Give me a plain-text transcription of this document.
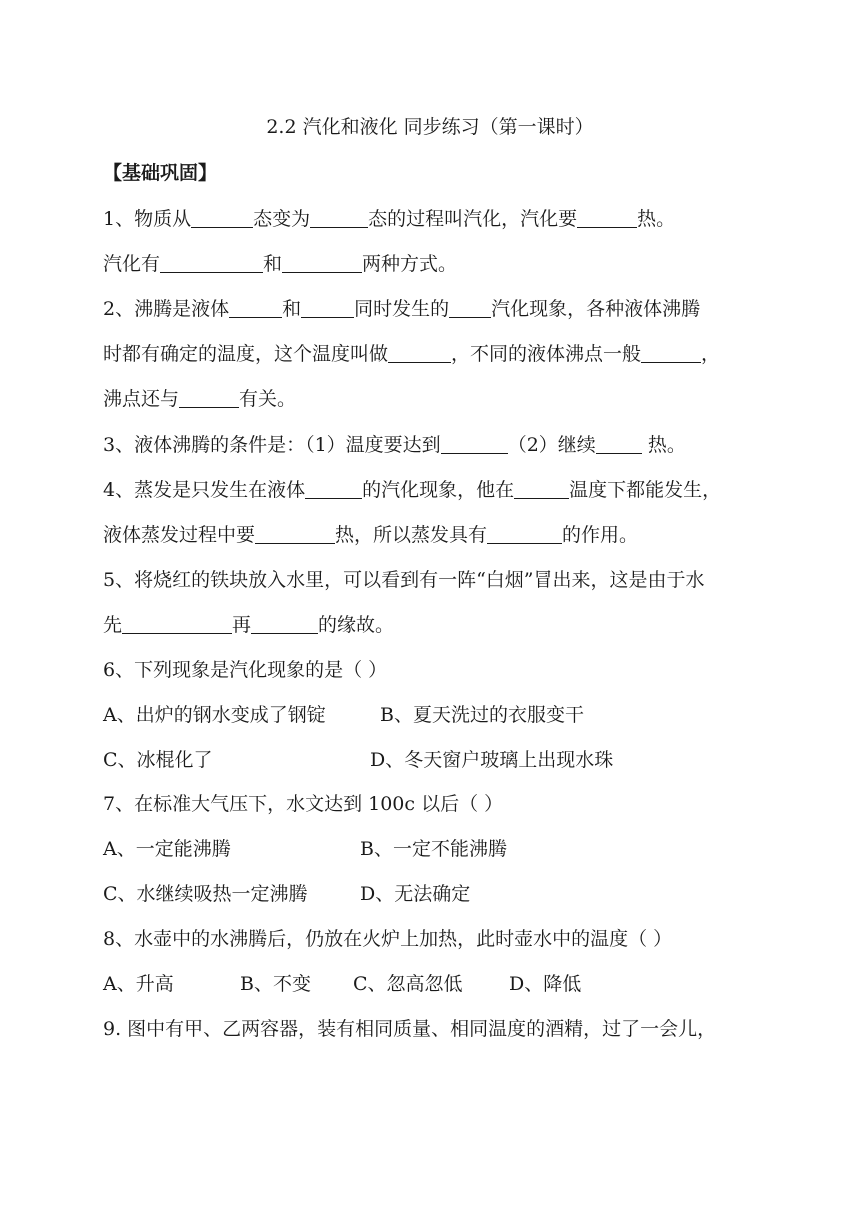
2.2 汽化和液化 同步练习（第一课时）
【基础巩固】
1、物质从	态变为	态的过程叫汽化，汽化要	热。
汽化有	和	两种方式。
2、沸腾是液体	和	同时发生的 汽化现象，各种液体沸腾
时都有确定的温度，这个温度叫做	，不同的液体沸点一般	，
沸点还与	有关。
3、液体沸腾的条件是：（1）温度要达到	（2）继续 热。
4、蒸发是只发生在液体	的汽化现象，他在	温度下都能发生，
液体蒸发过程中要	热，所以蒸发具有	的作用。
5、将烧红的铁块放入水里，可以看到有一阵“白烟”冒出来，这是由于水
先	再	的缘故。
6、下列现象是汽化现象的是（ ）
A、出炉的钢水变成了钢锭	B、夏天洗过的衣服变干
C、冰棍化了	D、冬天窗户玻璃上出现水珠
7、在标准大气压下，水文达到 100c 以后（ ）
A、一定能沸腾	B、一定不能沸腾
C、水继续吸热一定沸腾	D、无法确定
8、水壶中的水沸腾后，仍放在火炉上加热，此时壶水中的温度（ ）
A、升高	B、不变 C、忽高忽低 D、降低
9. 图中有甲、乙两容器，装有相同质量、相同温度的酒精，过了一会儿，
